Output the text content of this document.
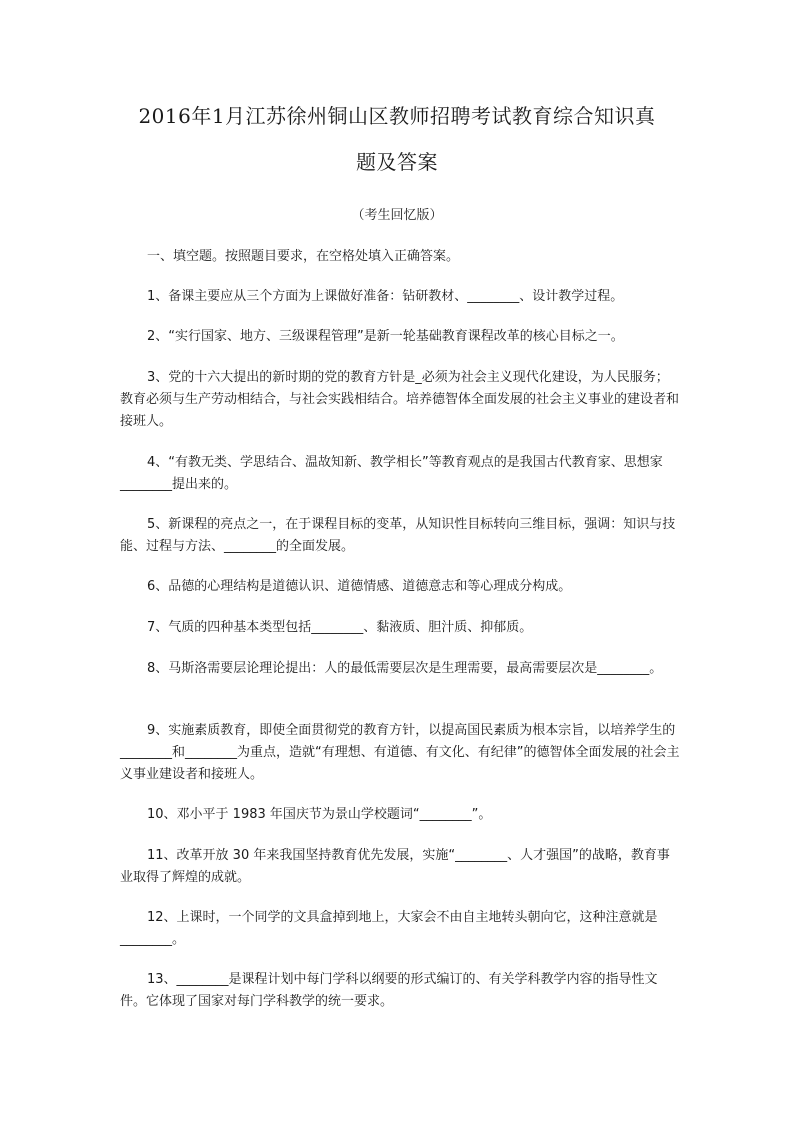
2016年1月江苏徐州铜山区教师招聘考试教育综合知识真
题及答案
（考生回忆版）

一、填空题。按照题目要求，在空格处填入正确答案。

1、备课主要应从三个方面为上课做好准备：钻研教材、________、设计教学过程。

2、“实行国家、地方、三级课程管理”是新一轮基础教育课程改革的核心目标之一。

3、党的十六大提出的新时期的党的教育方针是_必须为社会主义现代化建设，为人民服务；教育必须与生产劳动相结合，与社会实践相结合。培养德智体全面发展的社会主义事业的建设者和接班人。

4、“有教无类、学思结合、温故知新、教学相长”等教育观点的是我国古代教育家、思想家________提出来的。

5、新课程的亮点之一，在于课程目标的变革，从知识性目标转向三维目标，强调：知识与技能、过程与方法、________的全面发展。

6、品德的心理结构是道德认识、道德情感、道德意志和等心理成分构成。

7、气质的四种基本类型包括________、黏液质、胆汁质、抑郁质。

8、马斯洛需要层论理论提出：人的最低需要层次是生理需要，最高需要层次是________。

9、实施素质教育，即使全面贯彻党的教育方针，以提高国民素质为根本宗旨，以培养学生的________和________为重点，造就“有理想、有道德、有文化、有纪律”的德智体全面发展的社会主义事业建设者和接班人。

10、邓小平于 1983 年国庆节为景山学校题词“________”。

11、改革开放 30 年来我国坚持教育优先发展，实施“________、人才强国”的战略，教育事业取得了辉煌的成就。

12、上课时，一个同学的文具盒掉到地上，大家会不由自主地转头朝向它，这种注意就是________。

13、________是课程计划中每门学科以纲要的形式编订的、有关学科教学内容的指导性文件。它体现了国家对每门学科教学的统一要求。
